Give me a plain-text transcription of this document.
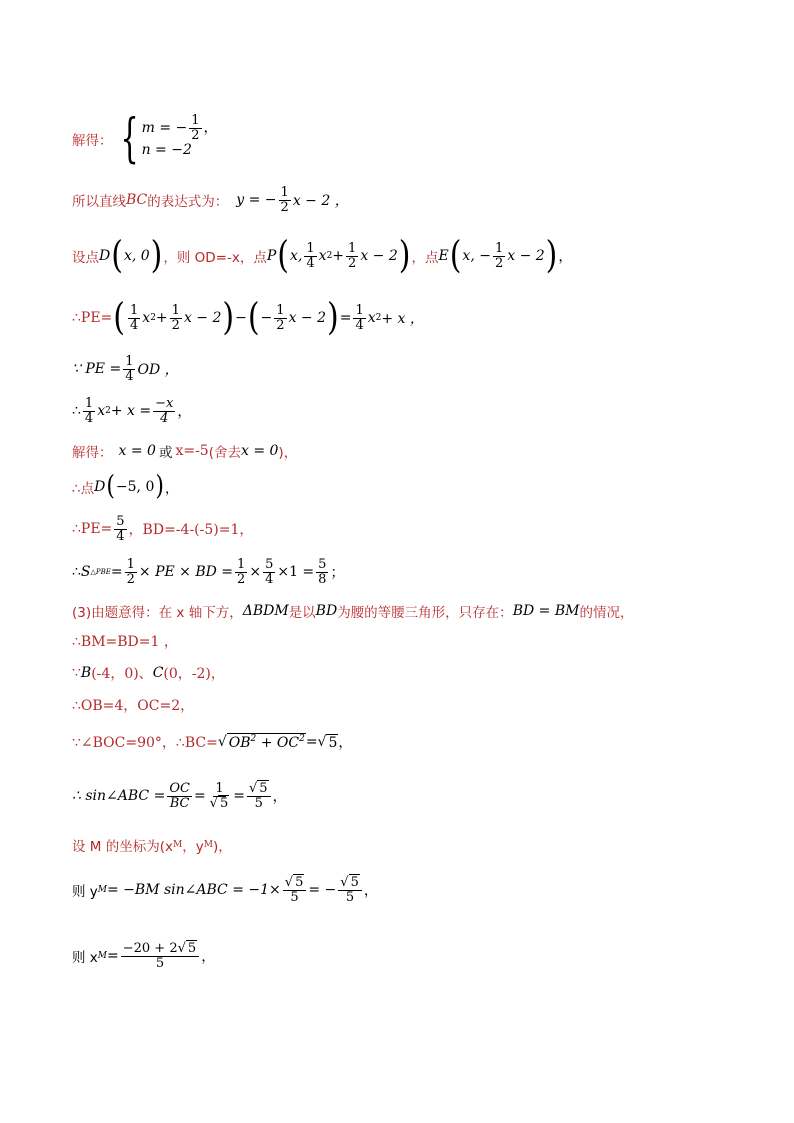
解得： { m = − $\frac{1}{2}$ ，
n = −2
所以直线 BC 的表达式为： y = − $\frac{1}{2}$ x − 2 ，
设点 D ( x, 0 ) ，则 OD=-x，点 P ( x, 1
4 x $2 + \frac{1}{2}$ x − 2 ) ，点 E ( x, − $\frac{1}{2}$ x − 2 ) ，
∴PE= ( 1
4 x $2 + \frac{1}{2}$ x − 2 ) − ( − $\frac{1}{2}$ x − 2 ) = $\frac{1}{4}$ x 2 + x ，
∵ PE = $\frac{1}{4}$ OD ，
∴ 1
4 x $2 + x = \frac{-x}{4}$ ，
解得： x = 0 或 x=-5 (舍去 x = 0 )，
∴点 D ( −5, 0 ) ，
∴PE= $\frac{5}{4}$ ，BD=-4-(-5)=1，
∴ S △PBE = $\frac{1}{2}$ × PE × BD = $\frac{1}{2} \times \frac{5}{4} \times 1 = \frac{5}{8}$ ；
(3)由题意得：在 x 轴下方， ΔBDM 是以 BD 为腰的等腰三角形，只存在： BD = BM 的情况，
∴BM=BD=1 ，
∵ B (-4，0)、 C (0，-2)，
∴OB=4，OC=2，
∵∠BOC=90°，∴BC= √ $OB^2 + OC^2$ = √ 5 ，
∴ sin∠ABC = $\frac{OC}{BC} = \frac{1}{√ 5} = \frac{√ 5}{5}$ ，
设 M 的坐标为(x M ，y M )，
则 y M = −BM sin∠ABC = $-1\times \frac{√ 5}{5}$ = − $\frac{√ 5}{5}$ ，
则 x $M = \frac{-20 + 2√ 5}{5}$ ，
